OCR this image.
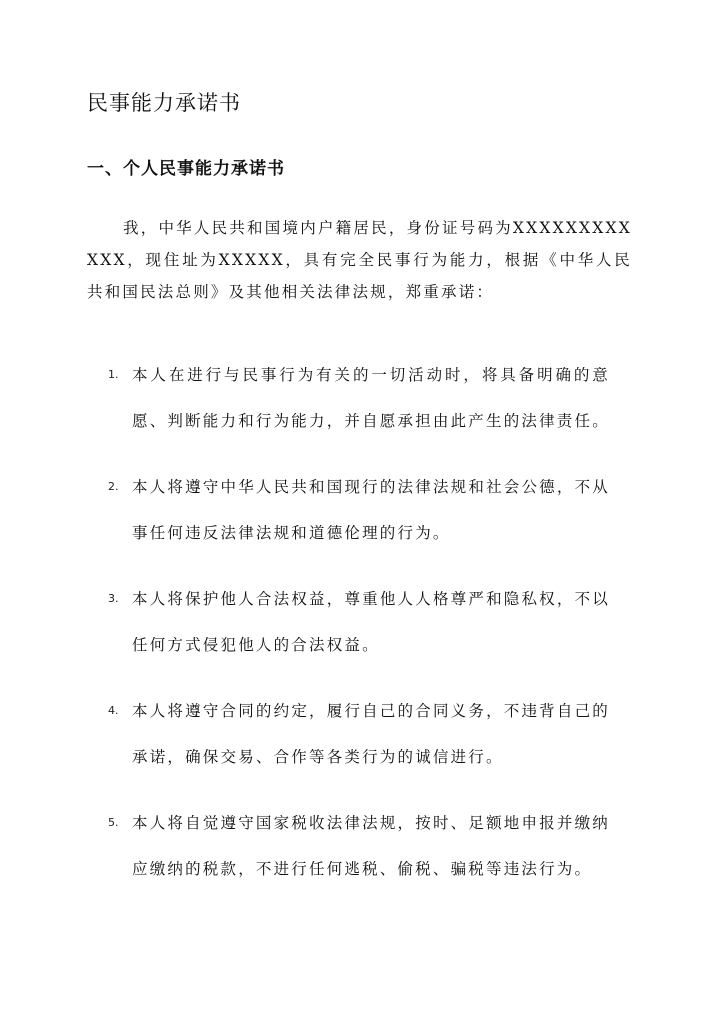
民事能力承诺书
一、个人民事能力承诺书

我，中华人民共和国境内户籍居民，身份证号码为XXXXXXXXXXXX，现住址为XXXXX，具有完全民事行为能力，根据《中华人民共和国民法总则》及其他相关法律法规，郑重承诺：

1. 本人在进行与民事行为有关的一切活动时，将具备明确的意愿、判断能力和行为能力，并自愿承担由此产生的法律责任。
2. 本人将遵守中华人民共和国现行的法律法规和社会公德，不从事任何违反法律法规和道德伦理的行为。
3. 本人将保护他人合法权益，尊重他人人格尊严和隐私权，不以任何方式侵犯他人的合法权益。
4. 本人将遵守合同的约定，履行自己的合同义务，不违背自己的承诺，确保交易、合作等各类行为的诚信进行。
5. 本人将自觉遵守国家税收法律法规，按时、足额地申报并缴纳应缴纳的税款，不进行任何逃税、偷税、骗税等违法行为。
